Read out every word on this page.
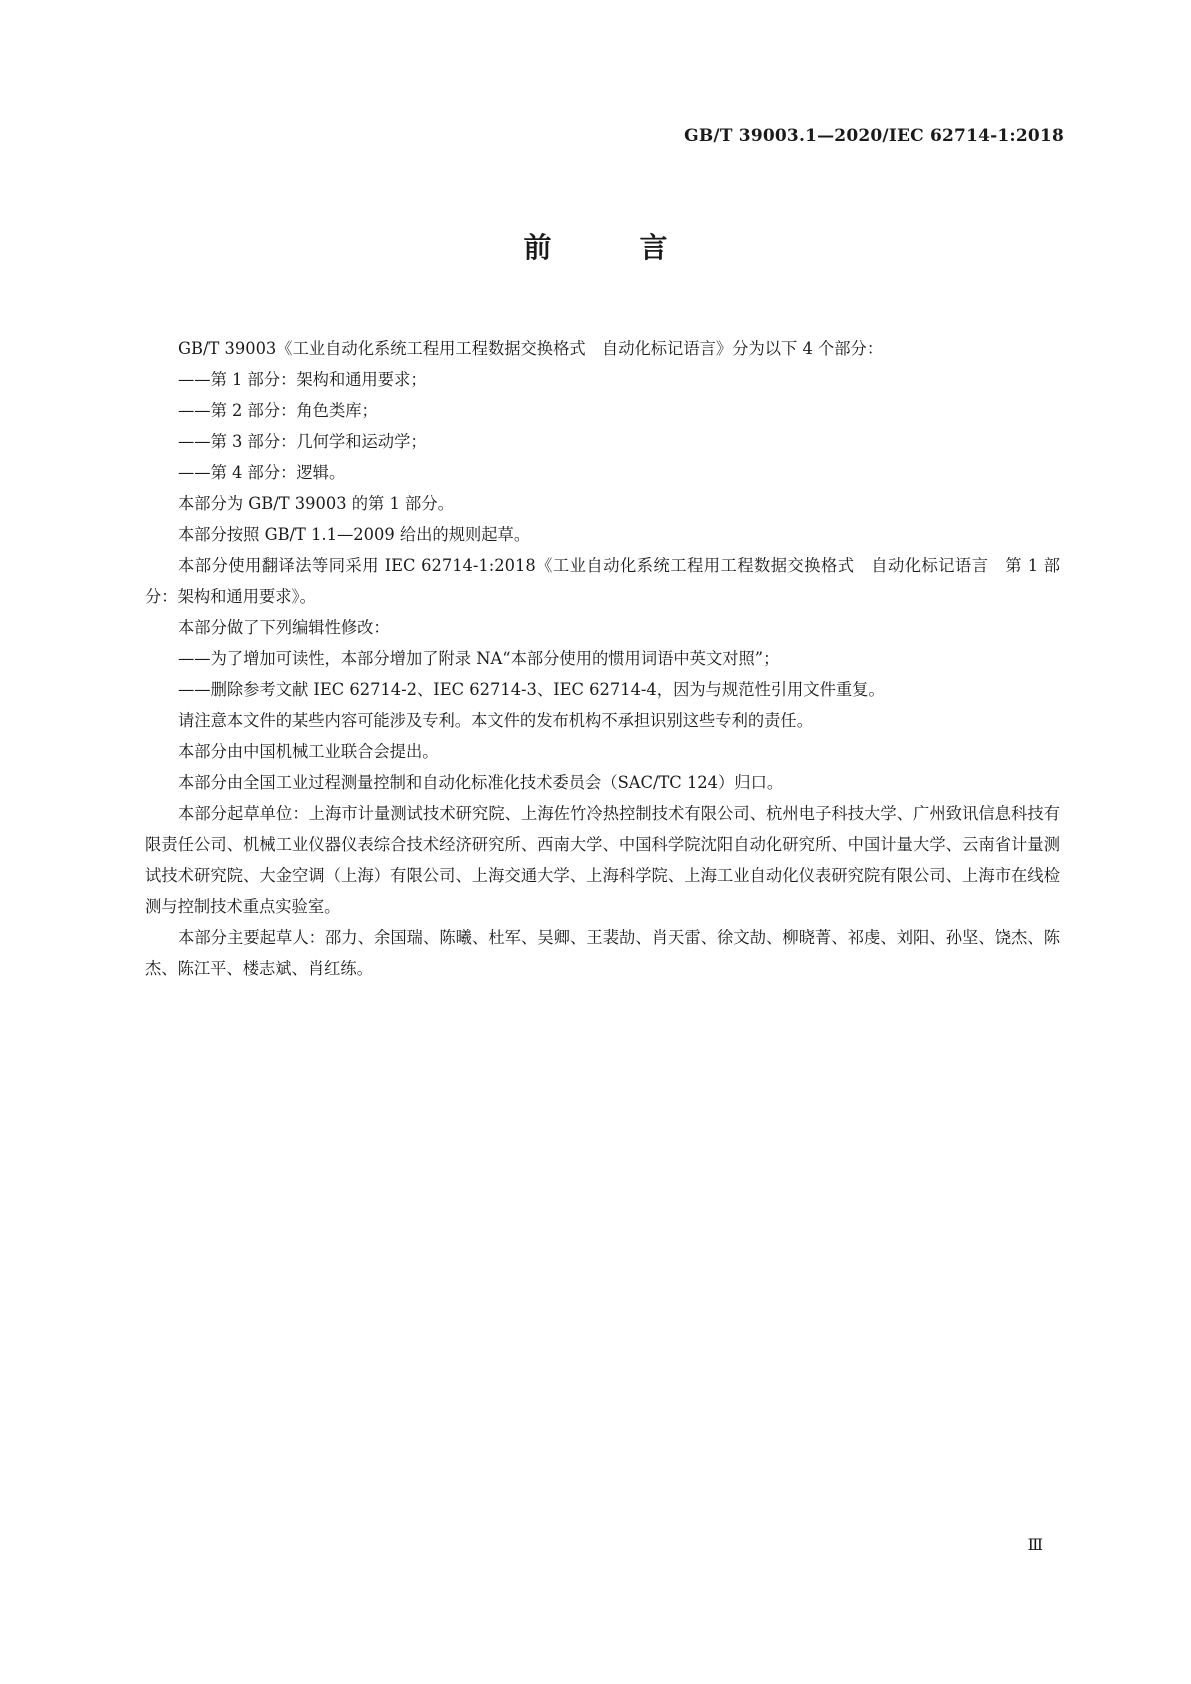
GB/T 39003.1—2020/IEC 62714-1:2018
前　言

GB/T 39003《工业自动化系统工程用工程数据交换格式　自动化标记语言》分为以下 4 个部分：

——第 1 部分：架构和通用要求；

——第 2 部分：角色类库；

——第 3 部分：几何学和运动学；

——第 4 部分：逻辑。

本部分为 GB/T 39003 的第 1 部分。

本部分按照 GB/T 1.1—2009 给出的规则起草。

本部分使用翻译法等同采用 IEC 62714-1:2018《工业自动化系统工程用工程数据交换格式　自动化标记语言　第 1 部分：架构和通用要求》。

本部分做了下列编辑性修改：

——为了增加可读性，本部分增加了附录 NA“本部分使用的惯用词语中英文对照”；

——删除参考文献 IEC 62714-2、IEC 62714-3、IEC 62714-4，因为与规范性引用文件重复。

请注意本文件的某些内容可能涉及专利。本文件的发布机构不承担识别这些专利的责任。

本部分由中国机械工业联合会提出。

本部分由全国工业过程测量控制和自动化标准化技术委员会（SAC/TC 124）归口。

本部分起草单位：上海市计量测试技术研究院、上海佐竹冷热控制技术有限公司、杭州电子科技大学、广州致讯信息科技有限责任公司、机械工业仪器仪表综合技术经济研究所、西南大学、中国科学院沈阳自动化研究所、中国计量大学、云南省计量测试技术研究院、大金空调（上海）有限公司、上海交通大学、上海科学院、上海工业自动化仪表研究院有限公司、上海市在线检测与控制技术重点实验室。

本部分主要起草人：邵力、余国瑞、陈曦、杜军、吴卿、王裴劼、肖天雷、徐文劼、柳晓菁、祁虔、刘阳、孙坚、饶杰、陈杰、陈江平、楼志斌、肖红练。

Ⅲ
